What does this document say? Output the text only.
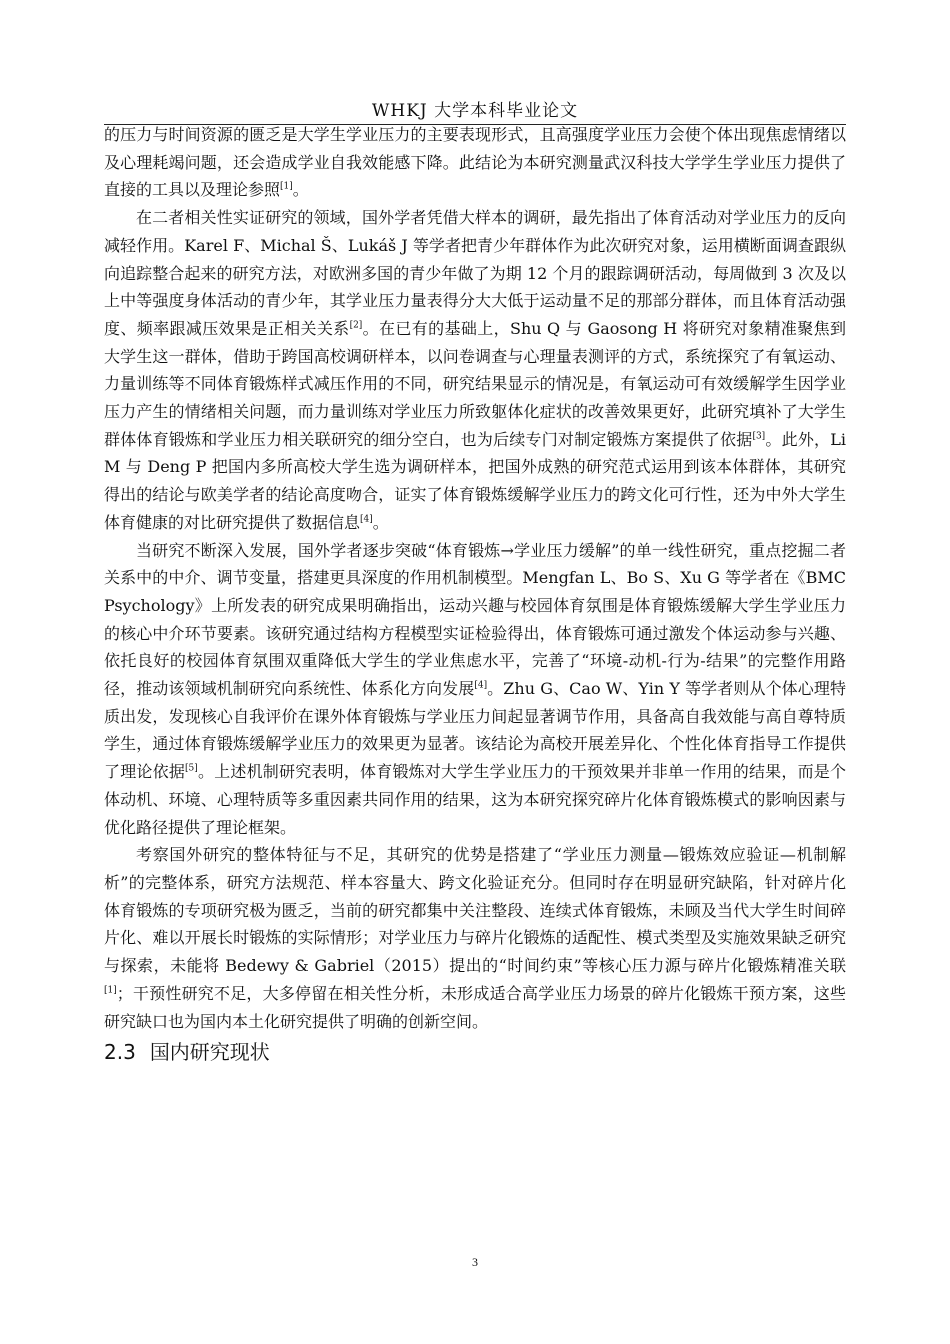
WHKJ 大学本科毕业论文

的压力与时间资源的匮乏是大学生学业压力的主要表现形式，且高强度学业压力会使个体出现焦虑情绪以及心理耗竭问题，还会造成学业自我效能感下降。此结论为本研究测量武汉科技大学学生学业压力提供了直接的工具以及理论参照[1]。

在二者相关性实证研究的领域，国外学者凭借大样本的调研，最先指出了体育活动对学业压力的反向减轻作用。Karel F、Michal Š、Lukáš J 等学者把青少年群体作为此次研究对象，运用横断面调查跟纵向追踪整合起来的研究方法，对欧洲多国的青少年做了为期 12 个月的跟踪调研活动，每周做到 3 次及以上中等强度身体活动的青少年，其学业压力量表得分大大低于运动量不足的那部分群体，而且体育活动强度、频率跟减压效果是正相关关系[2]。在已有的基础上，Shu Q 与 Gaosong H 将研究对象精准聚焦到大学生这一群体，借助于跨国高校调研样本，以问卷调查与心理量表测评的方式，系统探究了有氧运动、力量训练等不同体育锻炼样式减压作用的不同，研究结果显示的情况是，有氧运动可有效缓解学生因学业压力产生的情绪相关问题，而力量训练对学业压力所致躯体化症状的改善效果更好，此研究填补了大学生群体体育锻炼和学业压力相关联研究的细分空白，也为后续专门对制定锻炼方案提供了依据[3]。此外，Li M 与 Deng P 把国内多所高校大学生选为调研样本，把国外成熟的研究范式运用到该本体群体，其研究得出的结论与欧美学者的结论高度吻合，证实了体育锻炼缓解学业压力的跨文化可行性，还为中外大学生体育健康的对比研究提供了数据信息[4]。

当研究不断深入发展，国外学者逐步突破“体育锻炼→学业压力缓解”的单一线性研究，重点挖掘二者关系中的中介、调节变量，搭建更具深度的作用机制模型。Mengfan L、Bo S、Xu G 等学者在《BMC Psychology》上所发表的研究成果明确指出，运动兴趣与校园体育氛围是体育锻炼缓解大学生学业压力的核心中介环节要素。该研究通过结构方程模型实证检验得出，体育锻炼可通过激发个体运动参与兴趣、依托良好的校园体育氛围双重降低大学生的学业焦虑水平，完善了“环境-动机-行为-结果”的完整作用路径，推动该领域机制研究向系统性、体系化方向发展[4]。Zhu G、Cao W、Yin Y 等学者则从个体心理特质出发，发现核心自我评价在课外体育锻炼与学业压力间起显著调节作用，具备高自我效能与高自尊特质学生，通过体育锻炼缓解学业压力的效果更为显著。该结论为高校开展差异化、个性化体育指导工作提供了理论依据[5]。上述机制研究表明，体育锻炼对大学生学业压力的干预效果并非单一作用的结果，而是个体动机、环境、心理特质等多重因素共同作用的结果，这为本研究探究碎片化体育锻炼模式的影响因素与优化路径提供了理论框架。

考察国外研究的整体特征与不足，其研究的优势是搭建了“学业压力测量—锻炼效应验证—机制解析”的完整体系，研究方法规范、样本容量大、跨文化验证充分。但同时存在明显研究缺陷，针对碎片化体育锻炼的专项研究极为匮乏，当前的研究都集中关注整段、连续式体育锻炼，未顾及当代大学生时间碎片化、难以开展长时锻炼的实际情形；对学业压力与碎片化锻炼的适配性、模式类型及实施效果缺乏研究与探索，未能将 Bedewy & Gabriel（2015）提出的“时间约束”等核心压力源与碎片化锻炼精准关联[1]；干预性研究不足，大多停留在相关性分析，未形成适合高学业压力场景的碎片化锻炼干预方案，这些研究缺口也为国内本土化研究提供了明确的创新空间。

2.3 国内研究现状
3
